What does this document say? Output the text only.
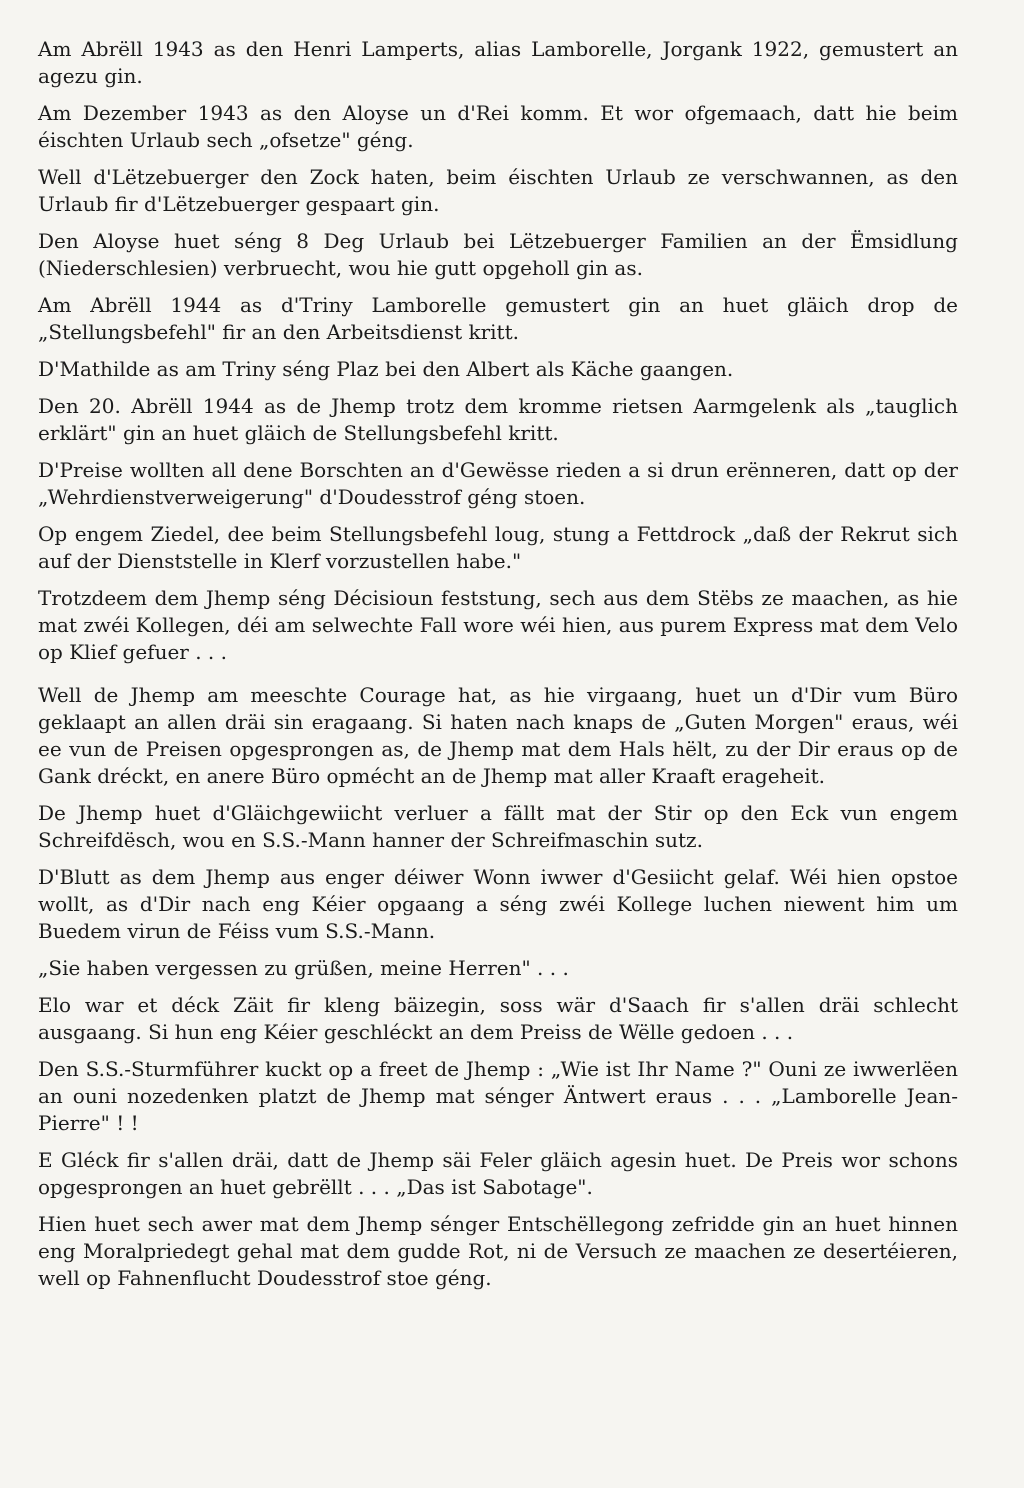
Am Abrëll 1943 as den Henri Lamperts, alias Lamborelle, Jorgank 1922, gemustert an agezu gin.

Am Dezember 1943 as den Aloyse un d'Rei komm. Et wor ofgemaach, datt hie beim éischten Urlaub sech „ofsetze" géng.

Well d'Lëtzebuerger den Zock haten, beim éischten Urlaub ze verschwannen, as den Urlaub fir d'Lëtzebuerger gespaart gin.

Den Aloyse huet séng 8 Deg Urlaub bei Lëtzebuerger Familien an der Ëmsidlung (Niederschlesien) verbruecht, wou hie gutt opgeholl gin as.

Am Abrëll 1944 as d'Triny Lamborelle gemustert gin an huet gläich drop de „Stellungsbefehl" fir an den Arbeitsdienst kritt.

D'Mathilde as am Triny séng Plaz bei den Albert als Käche gaangen.

Den 20. Abrëll 1944 as de Jhemp trotz dem kromme rietsen Aarmgelenk als „tauglich erklärt" gin an huet gläich de Stellungsbefehl kritt.

D'Preise wollten all dene Borschten an d'Gewësse rieden a si drun erënneren, datt op der „Wehrdienstverweigerung" d'Doudesstrof géng stoen.

Op engem Ziedel, dee beim Stellungsbefehl loug, stung a Fettdrock „daß der Rekrut sich auf der Dienststelle in Klerf vorzustellen habe."

Trotzdeem dem Jhemp séng Décisioun feststung, sech aus dem Stëbs ze maachen, as hie mat zwéi Kollegen, déi am selwechte Fall wore wéi hien, aus purem Express mat dem Velo op Klief gefuer . . .

Well de Jhemp am meeschte Courage hat, as hie virgaang, huet un d'Dir vum Büro geklaapt an allen dräi sin eragaang. Si haten nach knaps de „Guten Morgen" eraus, wéi ee vun de Preisen opgesprongen as, de Jhemp mat dem Hals hëlt, zu der Dir eraus op de Gank dréckt, en anere Büro opmécht an de Jhemp mat aller Kraaft erageheit.

De Jhemp huet d'Gläichgewiicht verluer a fällt mat der Stir op den Eck vun engem Schreifdësch, wou en S.S.-Mann hanner der Schreifmaschin sutz.

D'Blutt as dem Jhemp aus enger déiwer Wonn iwwer d'Gesiicht gelaf. Wéi hien opstoe wollt, as d'Dir nach eng Kéier opgaang a séng zwéi Kollege luchen niewent him um Buedem virun de Féiss vum S.S.-Mann.

„Sie haben vergessen zu grüßen, meine Herren" . . .

Elo war et déck Zäit fir kleng bäizegin, soss wär d'Saach fir s'allen dräi schlecht ausgaang. Si hun eng Kéier geschléckt an dem Preiss de Wëlle gedoen . . .

Den S.S.-Sturmführer kuckt op a freet de Jhemp : „Wie ist Ihr Name ?" Ouni ze iwwerlëen an ouni nozedenken platzt de Jhemp mat sénger Äntwert eraus . . . „Lamborelle Jean-Pierre" ! !

E Gléck fir s'allen dräi, datt de Jhemp säi Feler gläich agesin huet. De Preis wor schons opgesprongen an huet gebrëllt . . . „Das ist Sabotage".

Hien huet sech awer mat dem Jhemp sénger Entschëllegong zefridde gin an huet hinnen eng Moralpriedegt gehal mat dem gudde Rot, ni de Versuch ze maachen ze desertéieren, well op Fahnenflucht Doudesstrof stoe géng.
